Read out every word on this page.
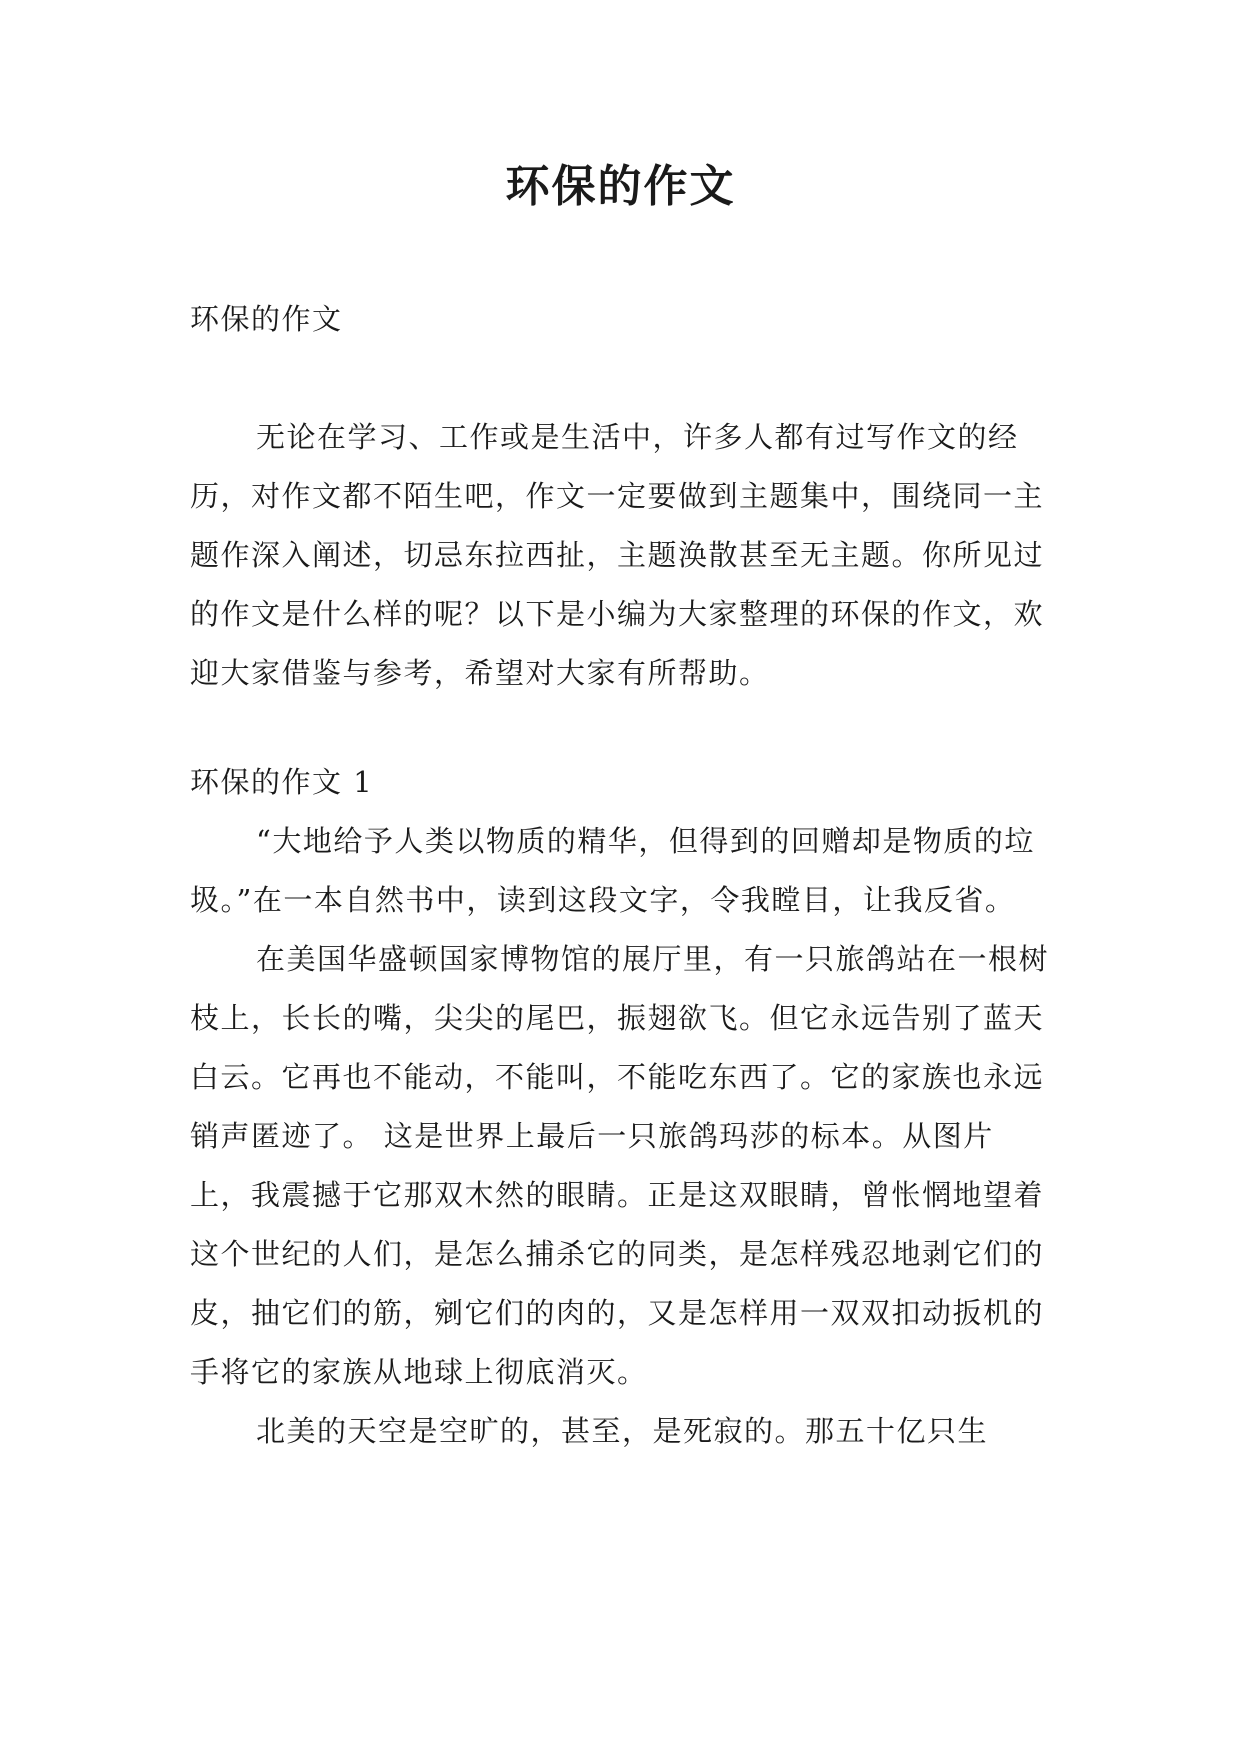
环保的作文

环保的作文

无论在学习、工作或是生活中，许多人都有过写作文的经历，对作文都不陌生吧，作文一定要做到主题集中，围绕同一主题作深入阐述，切忌东拉西扯，主题涣散甚至无主题。你所见过的作文是什么样的呢？以下是小编为大家整理的环保的作文，欢迎大家借鉴与参考，希望对大家有所帮助。

环保的作文 1

“大地给予人类以物质的精华，但得到的回赠却是物质的垃圾。”在一本自然书中，读到这段文字，令我瞠目，让我反省。

在美国华盛顿国家博物馆的展厅里，有一只旅鸽站在一根树枝上，长长的嘴，尖尖的尾巴，振翅欲飞。但它永远告别了蓝天白云。它再也不能动，不能叫，不能吃东西了。它的家族也永远销声匿迹了。 这是世界上最后一只旅鸽玛莎的标本。从图片上，我震撼于它那双木然的眼睛。正是这双眼睛，曾怅惘地望着这个世纪的人们，是怎么捕杀它的同类，是怎样残忍地剥它们的皮，抽它们的筋，剜它们的肉的，又是怎样用一双双扣动扳机的手将它的家族从地球上彻底消灭。

北美的天空是空旷的，甚至，是死寂的。那五十亿只生
